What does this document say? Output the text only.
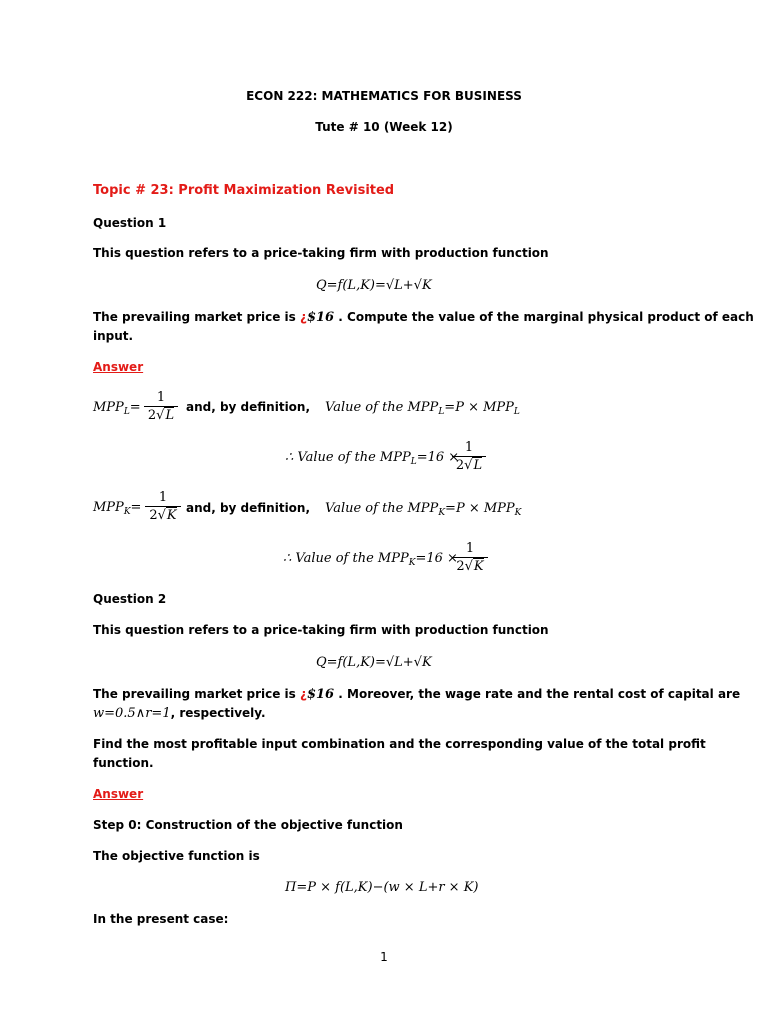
ECON 222: MATHEMATICS FOR BUSINESS
Tute # 10 (Week 12)
Topic # 23: Profit Maximization Revisited
Question 1
This question refers to a price-taking firm with production function
Q=f(L,K)=√L+√K
The prevailing market price is ¿$16 . Compute the value of the marginal physical product of each
input.
Answer
$MPP_L=$
1
2√L
and, by definition, Value of the $MPP_L=P \times MPP_L$
∴ Value of the $MPP_L=16$ ×
1
2√L
$MPP_K=$
1
2√K and, by definition, Value of the $MPP_K=P \times MPP_K$
∴ Value of the $MPP_K=16$ ×
1
2√K
Question 2
This question refers to a price-taking firm with production function
Q=f(L,K)=√L+√K
The prevailing market price is ¿$16 . Moreover, the wage rate and the rental cost of capital are
w=0.5∧r=1, respectively.
Find the most profitable input combination and the corresponding value of the total profit
function.
Answer
Step 0: Construction of the objective function
The objective function is
Π=P × f(L,K)−(w × L+r × K)
In the present case:
1
